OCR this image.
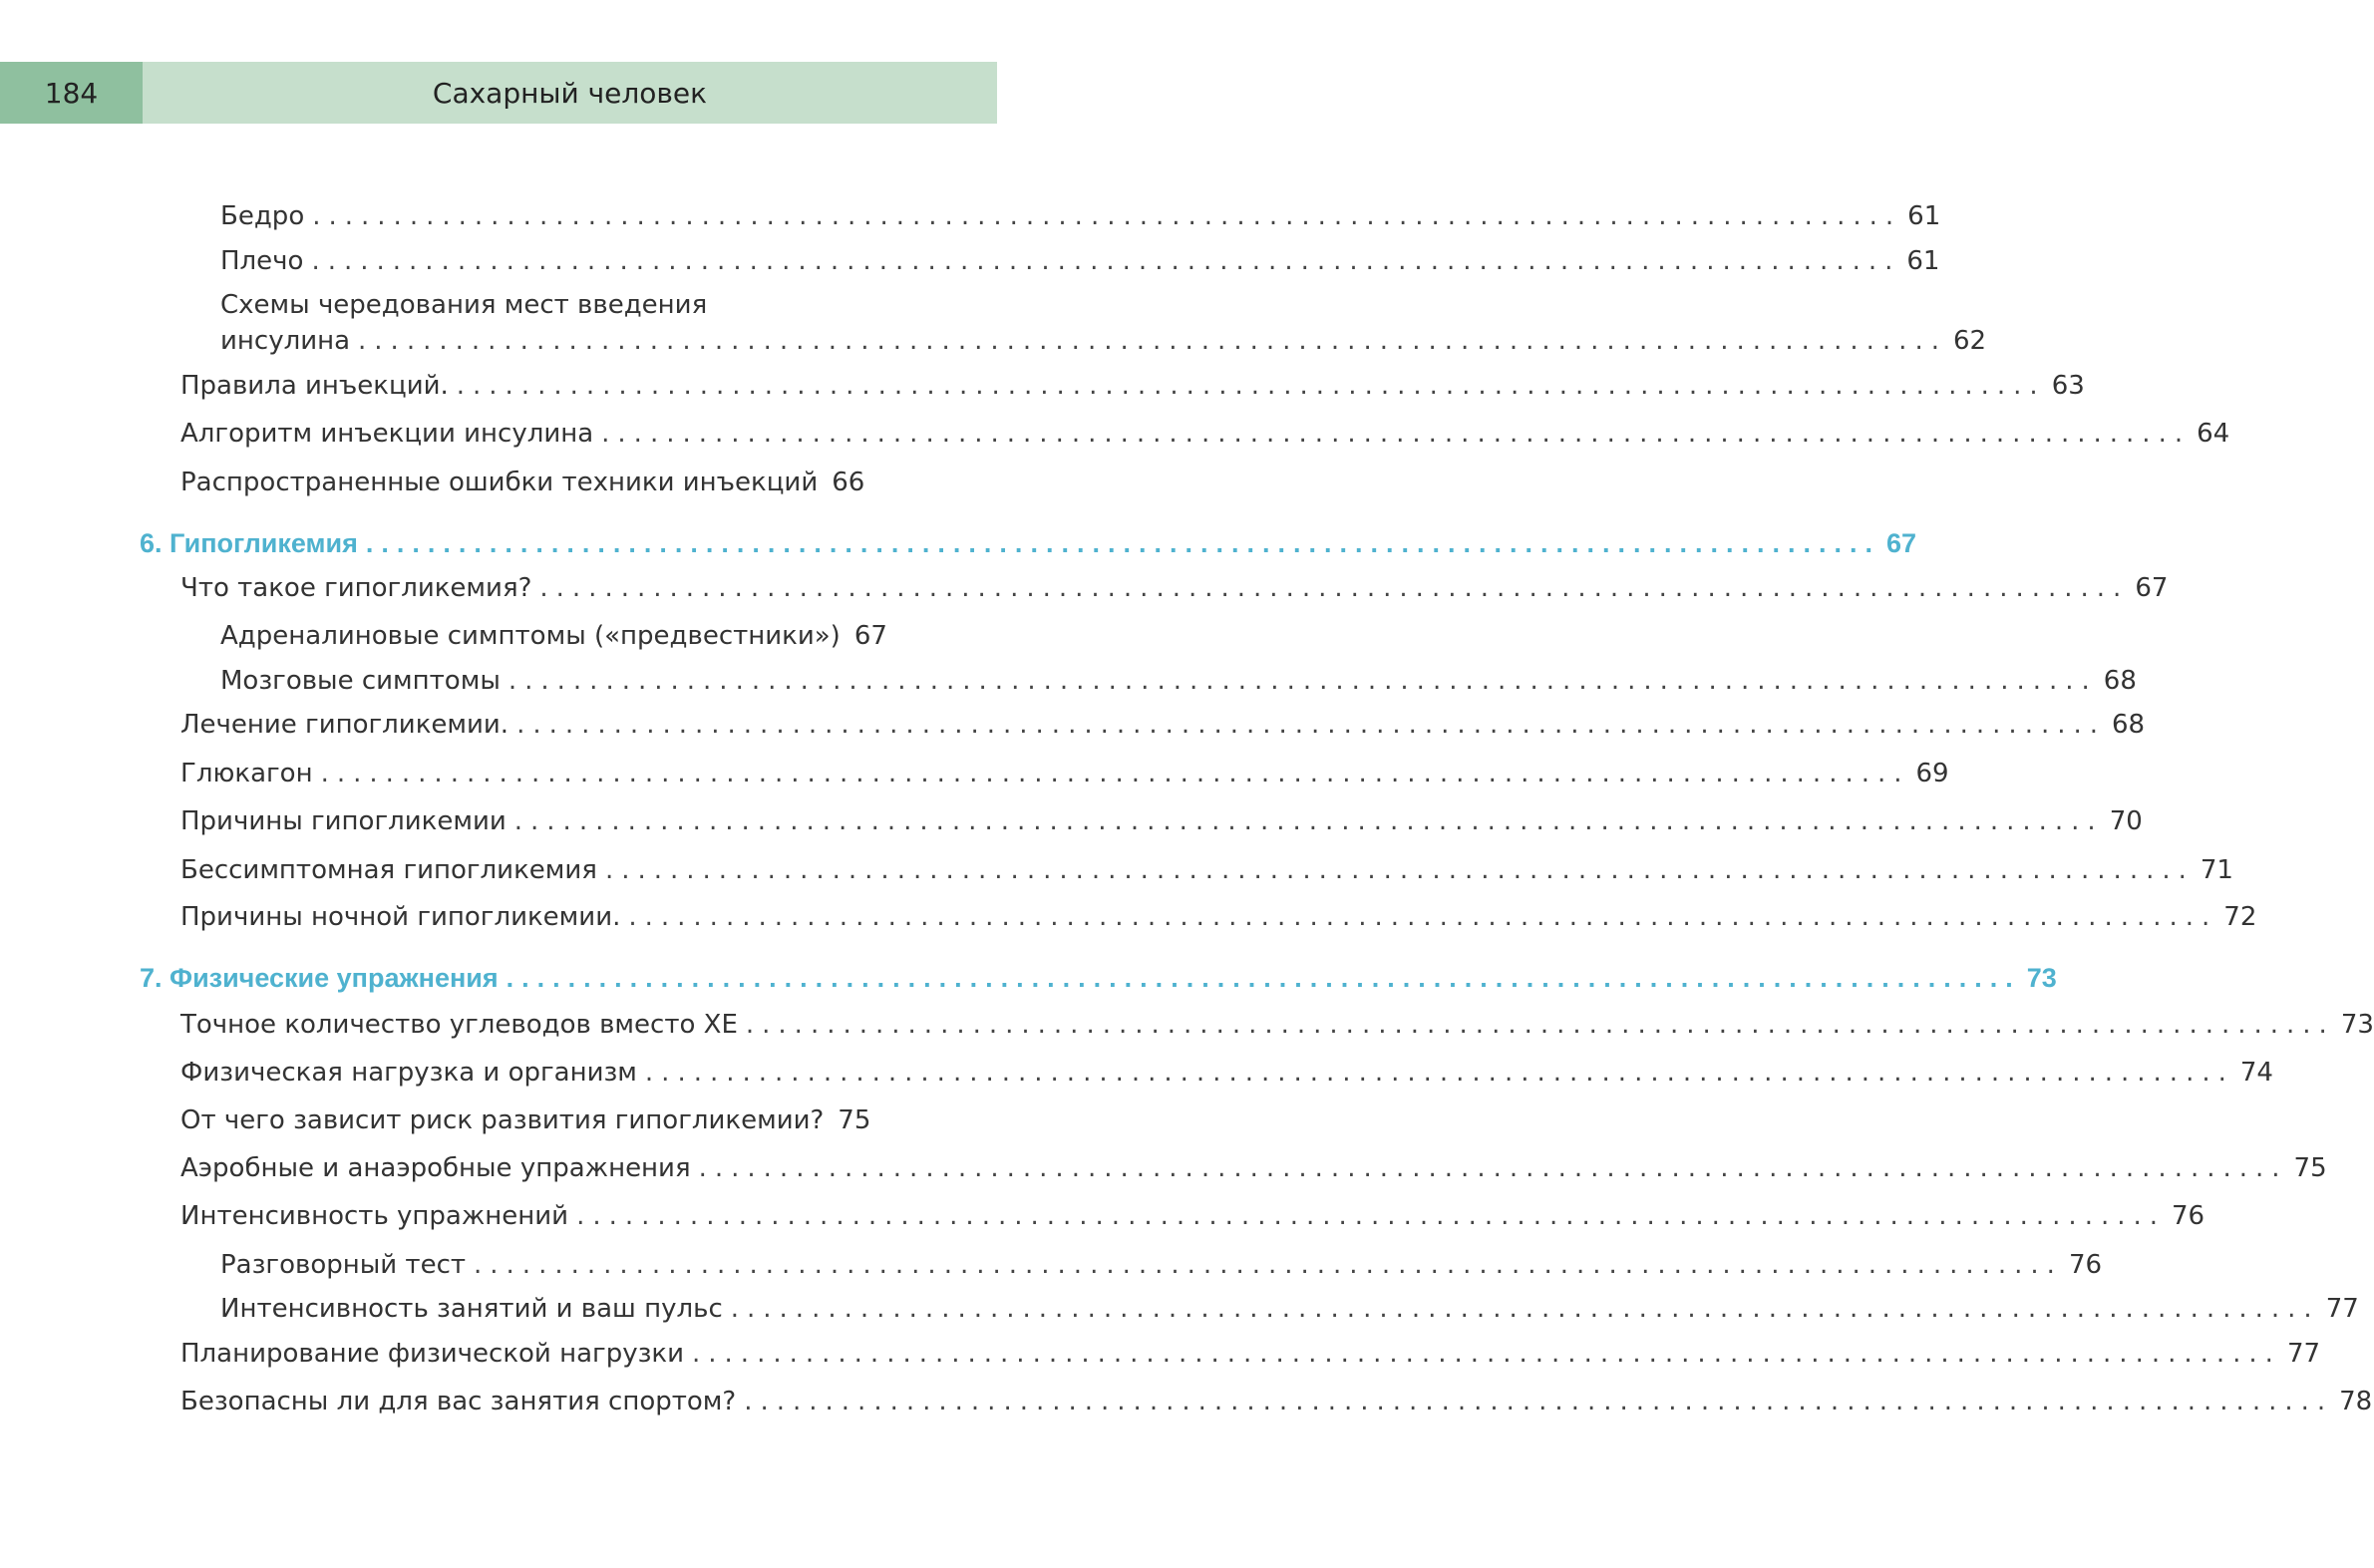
184	Сахарный человек
Бедро .................................................................................................. 61
Плечо .................................................................................................. 61
Схемы чередования мест введения
инсулина .................................................................................................. 62
Правила инъекций. .................................................................................................. 63
Алгоритм инъекции инсулина .................................................................................................. 64
Распространенные ошибки техники инъекций 66
6. Гипогликемия .................................................................................................. 67
Что такое гипогликемия? .................................................................................................. 67
Адреналиновые симптомы («предвестники») 67
Мозговые симптомы .................................................................................................. 68
Лечение гипогликемии. .................................................................................................. 68
Глюкагон .................................................................................................. 69
Причины гипогликемии .................................................................................................. 70
Бессимптомная гипогликемия .................................................................................................. 71
Причины ночной гипогликемии. .................................................................................................. 72
7. Физические упражнения .................................................................................................. 73
Точное количество углеводов вместо ХЕ .................................................................................................. 73
Физическая нагрузка и организм .................................................................................................. 74
От чего зависит риск развития гипогликемии? 75
Аэробные и анаэробные упражнения .................................................................................................. 75
Интенсивность упражнений .................................................................................................. 76
Разговорный тест .................................................................................................. 76
Интенсивность занятий и ваш пульс .................................................................................................. 77
Планирование физической нагрузки .................................................................................................. 77
Безопасны ли для вас занятия спортом? .................................................................................................. 78
